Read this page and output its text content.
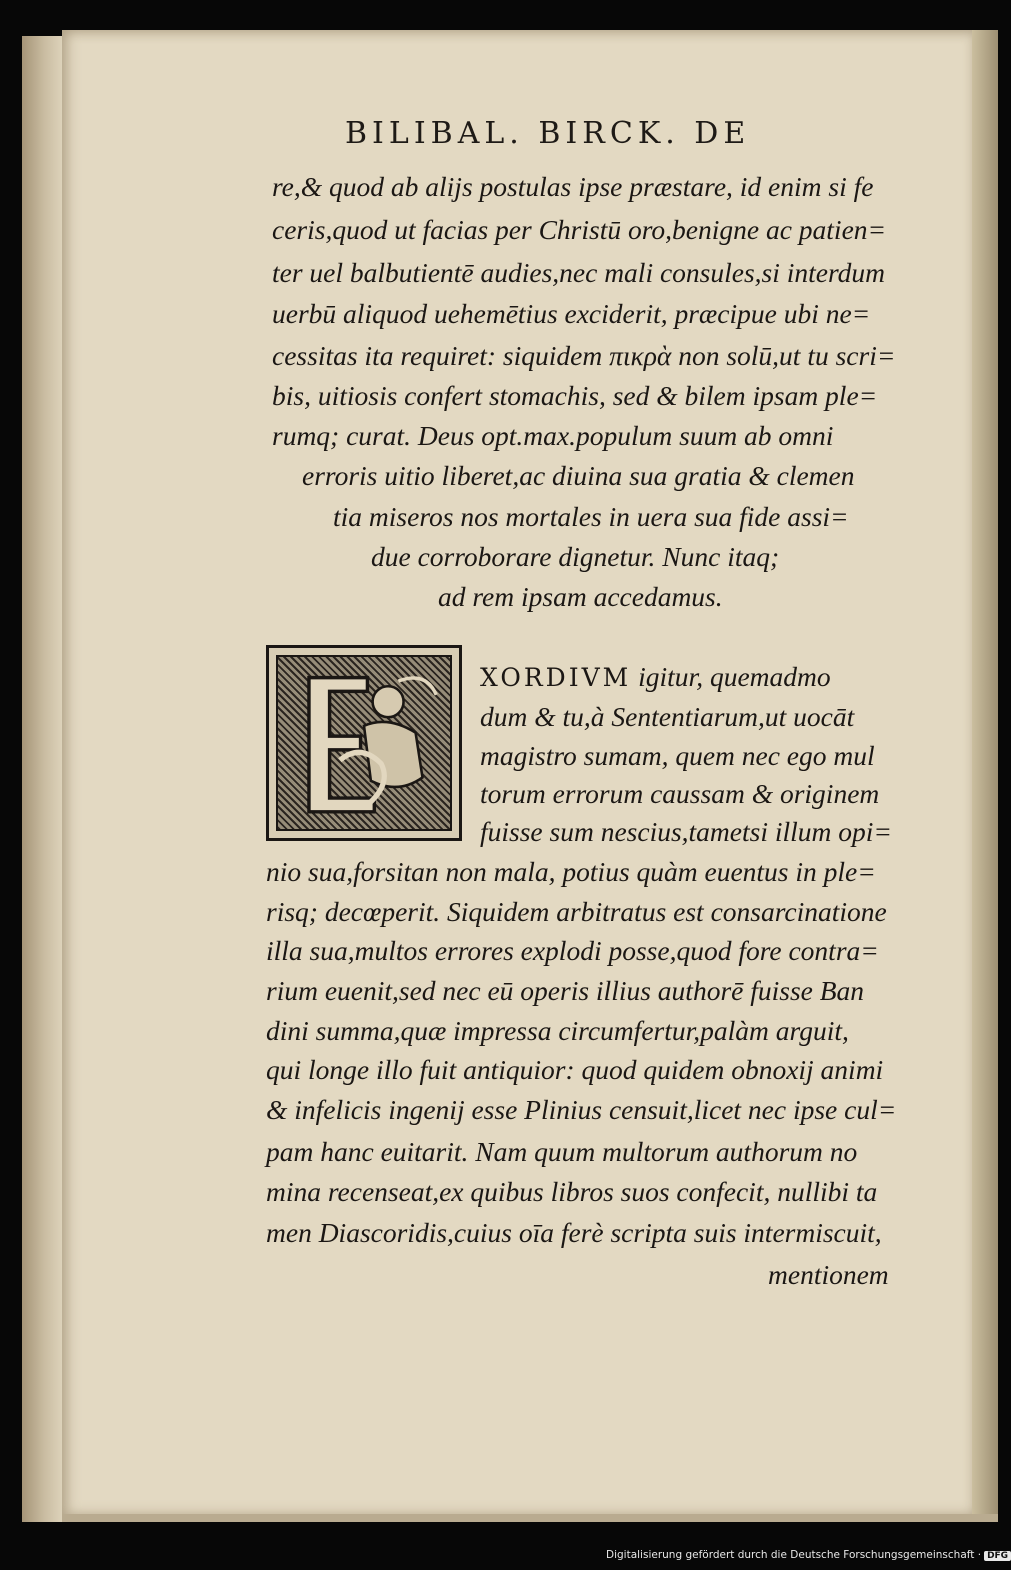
BILIBAL. BIRCK. DE
re,& quod ab alijs postulas ipse præstare, id enim si fe
ceris,quod ut facias per Christū oro,benigne ac patien=
ter uel balbutientē audies,nec mali consules,si interdum
uerbū aliquod uehemētius exciderit, præcipue ubi ne=
cessitas ita requiret: siquidem πικρὰ non solū,ut tu scri=
bis, uitiosis confert stomachis, sed & bilem ipsam ple=
rumq; curat. Deus opt.max.populum suum ab omni
erroris uitio liberet,ac diuina sua gratia & clemen
tia miseros nos mortales in uera sua fide assi=
due corroborare dignetur. Nunc itaq;
ad rem ipsam accedamus.
XORDIVM igitur, quemadmo
dum & tu,à Sententiarum,ut uocāt
magistro sumam, quem nec ego mul
torum errorum caussam & originem
fuisse sum nescius,tametsi illum opi=
nio sua,forsitan non mala, potius quàm euentus in ple=
risq; decœperit. Siquidem arbitratus est consarcinatione
illa sua,multos errores explodi posse,quod fore contra=
rium euenit,sed nec eū operis illius authorē fuisse Ban
dini summa,quæ impressa circumfertur,palàm arguit,
qui longe illo fuit antiquior: quod quidem obnoxij animi
& infelicis ingenij esse Plinius censuit,licet nec ipse cul=
pam hanc euitarit. Nam quum multorum authorum no
mina recenseat,ex quibus libros suos confecit, nullibi ta
men Diascoridis,cuius oīa ferè scripta suis intermiscuit,
mentionem
Digitalisierung gefördert durch die Deutsche Forschungsgemeinschaft · DFG
